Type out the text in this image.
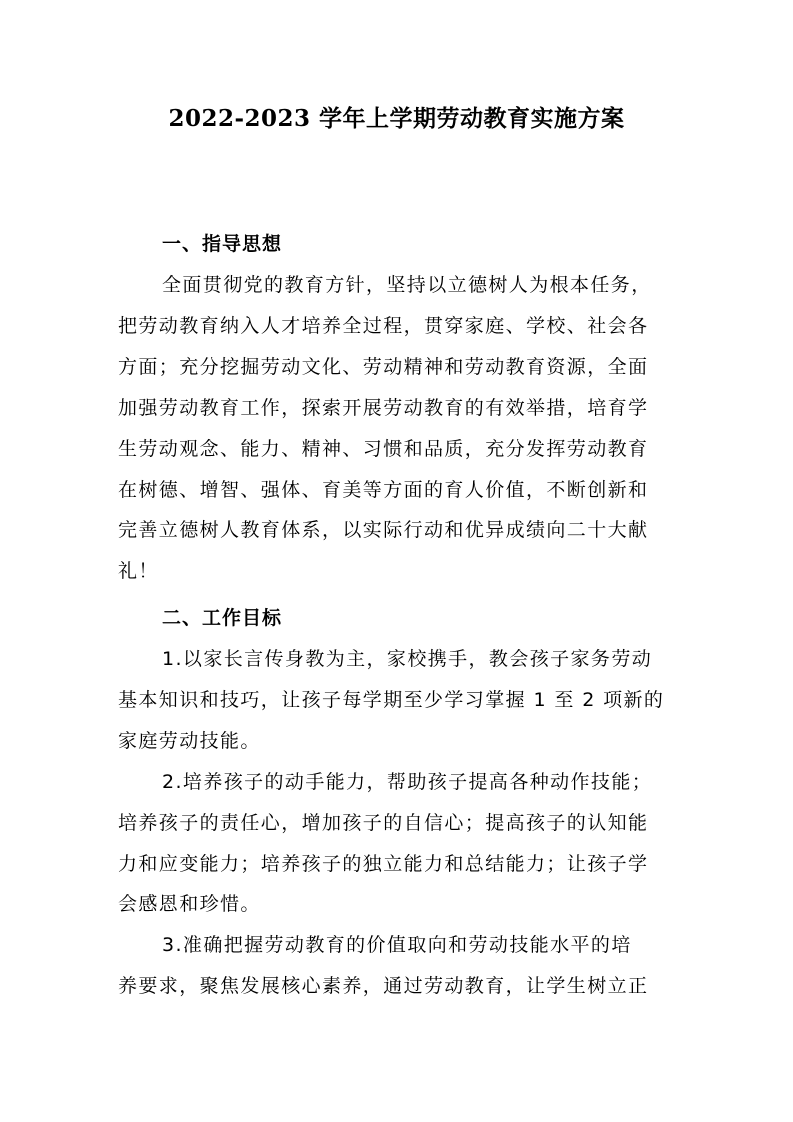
2022-2023 学年上学期劳动教育实施方案
一、指导思想
全面贯彻党的教育方针，坚持以立德树人为根本任务，
把劳动教育纳入人才培养全过程，贯穿家庭、学校、社会各
方面；充分挖掘劳动文化、劳动精神和劳动教育资源，全面
加强劳动教育工作，探索开展劳动教育的有效举措，培育学
生劳动观念、能力、精神、习惯和品质，充分发挥劳动教育
在树德、增智、强体、育美等方面的育人价值，不断创新和
完善立德树人教育体系，以实际行动和优异成绩向二十大献
礼！
二、工作目标
1.以家长言传身教为主，家校携手，教会孩子家务劳动
基本知识和技巧，让孩子每学期至少学习掌握 1 至 2 项新的
家庭劳动技能。
2.培养孩子的动手能力，帮助孩子提高各种动作技能；
培养孩子的责任心，增加孩子的自信心；提高孩子的认知能
力和应变能力；培养孩子的独立能力和总结能力；让孩子学
会感恩和珍惜。
3.准确把握劳动教育的价值取向和劳动技能水平的培
养要求，聚焦发展核心素养，通过劳动教育，让学生树立正
